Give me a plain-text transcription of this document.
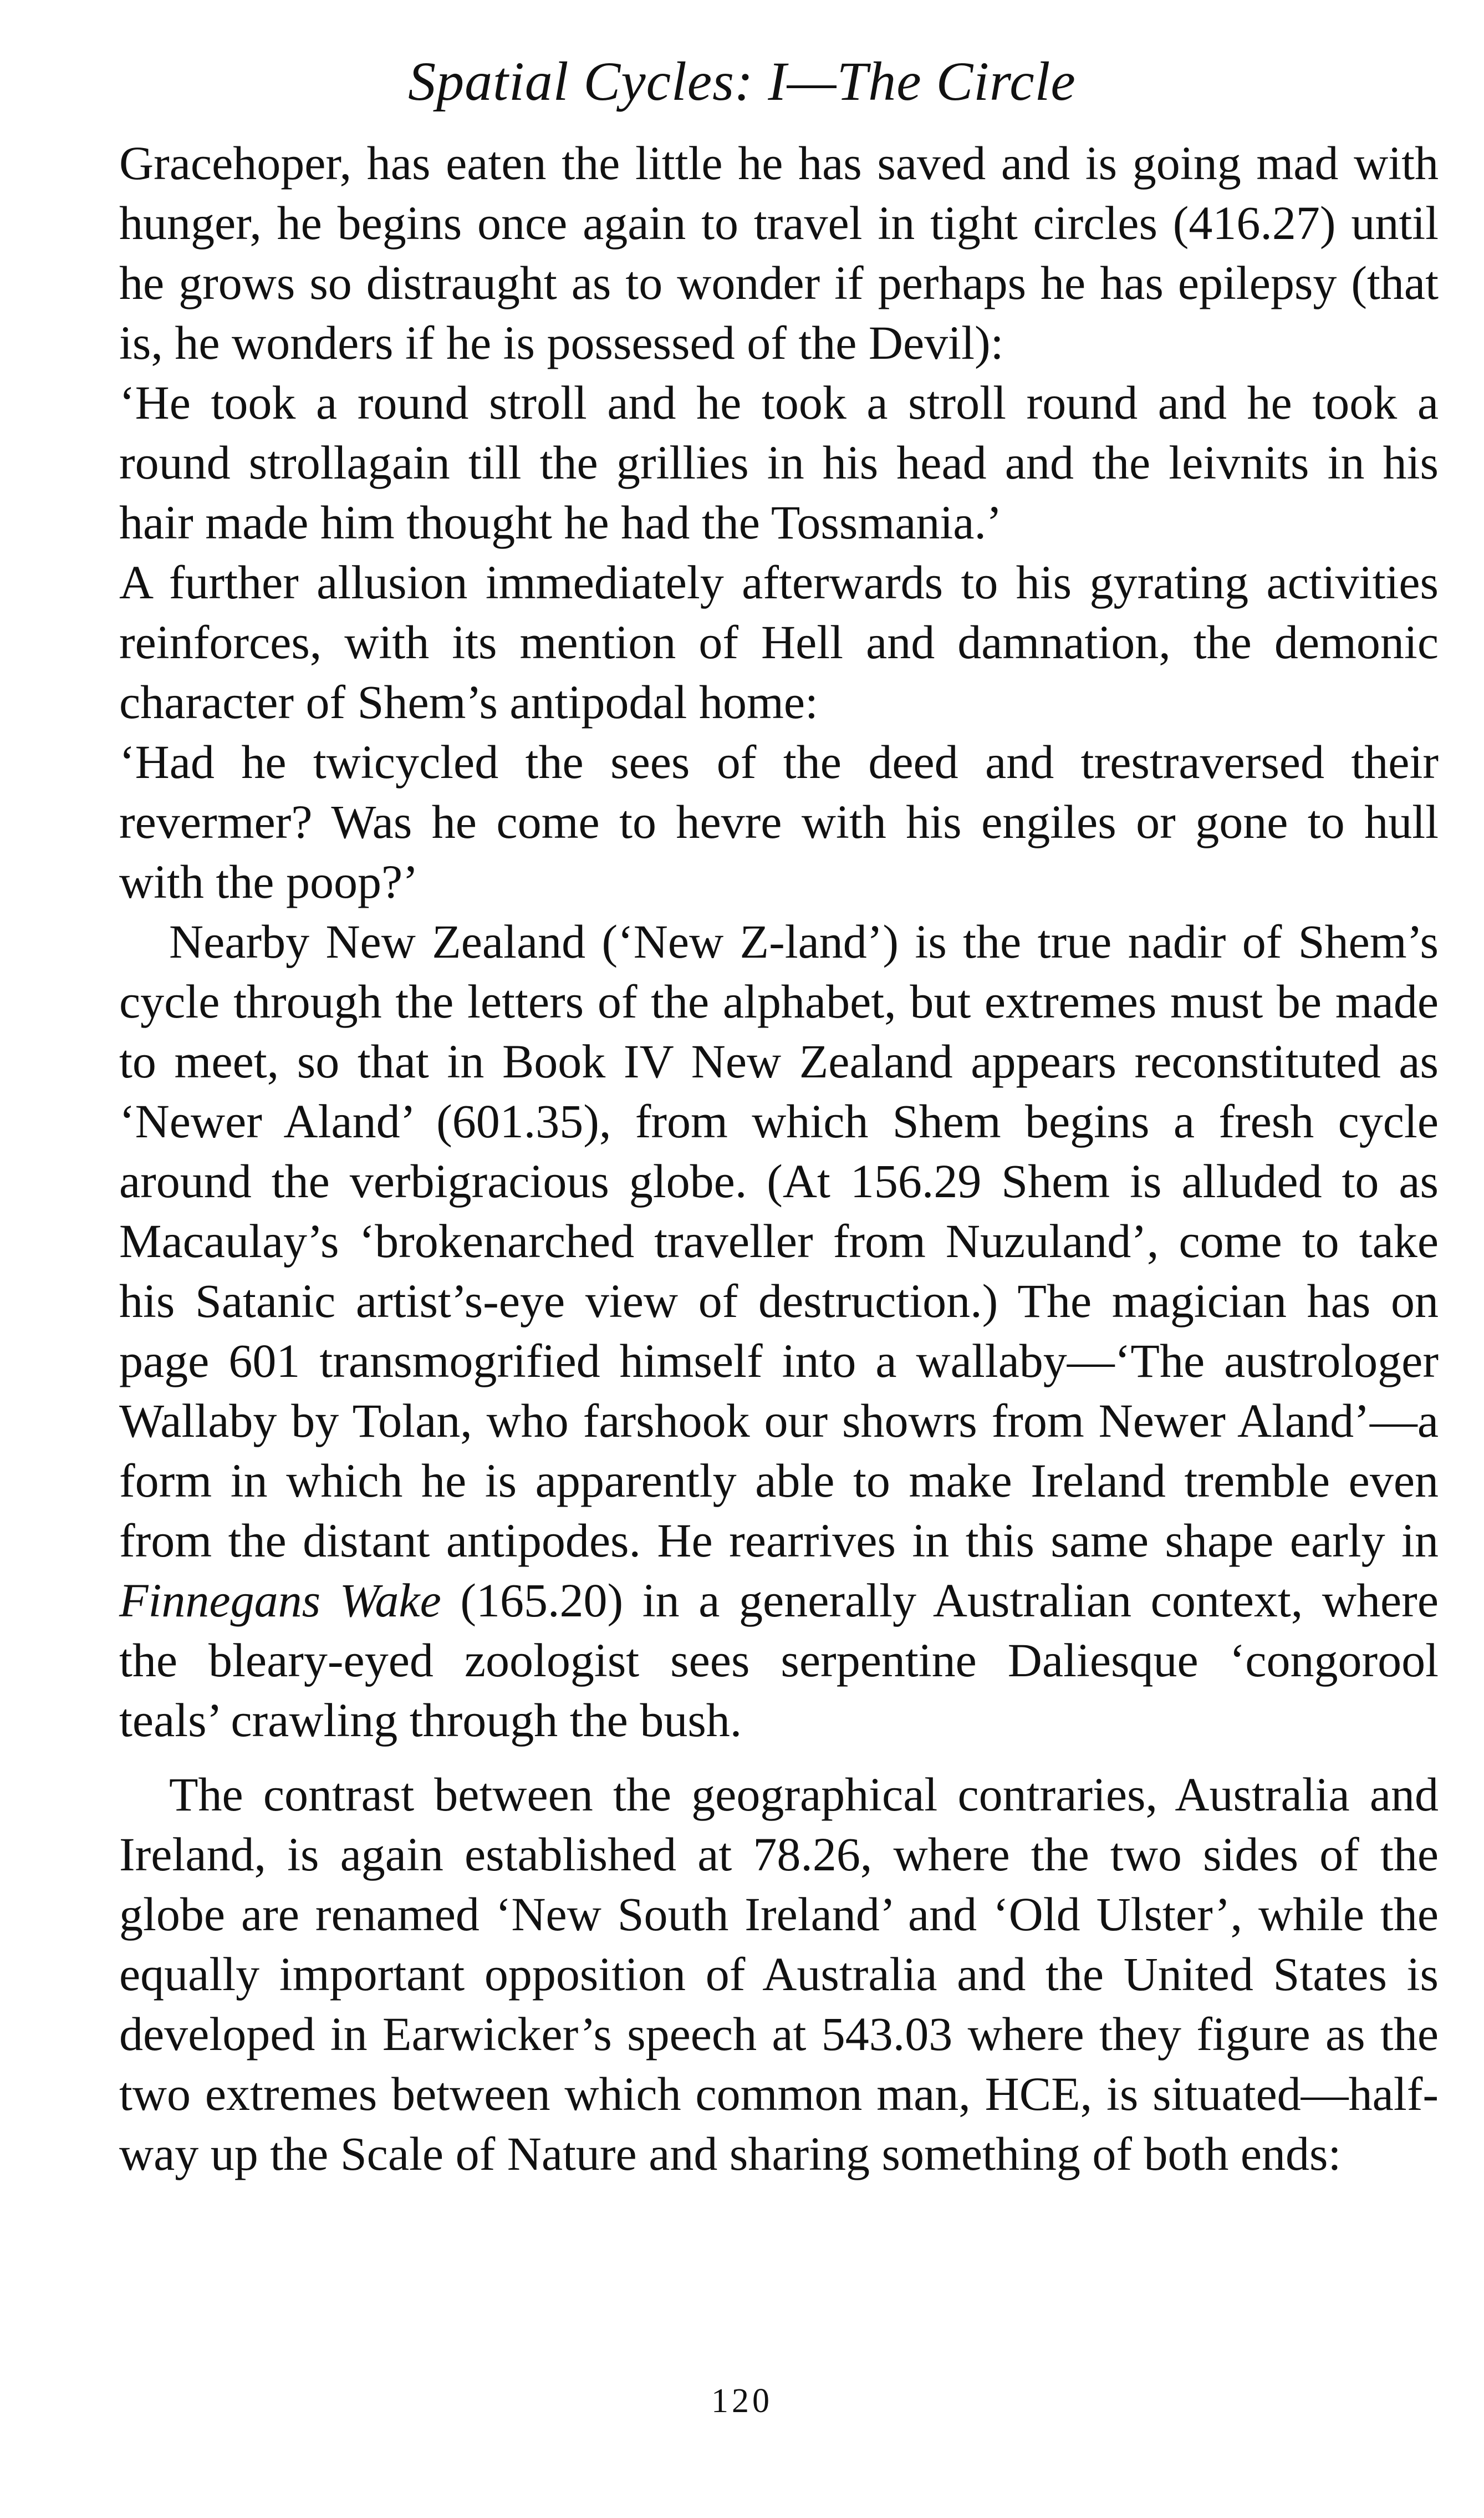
Spatial Cycles: I—The Circle

Gracehoper, has eaten the little he has saved and is going mad with hunger, he begins once again to travel in tight circles (416.27) until he grows so distraught as to wonder if perhaps he has epilepsy (that is, he wonders if he is possessed of the Devil):

‘He took a round stroll and he took a stroll round and he took a round strollagain till the grillies in his head and the leivnits in his hair made him thought he had the Tossmania.’

A further allusion immediately afterwards to his gyrating activities reinforces, with its mention of Hell and damnation, the demonic character of Shem’s antipodal home:

‘Had he twicycled the sees of the deed and trestraversed their revermer? Was he come to hevre with his engiles or gone to hull with the poop?’

Nearby New Zealand (‘New Z-land’) is the true nadir of Shem’s cycle through the letters of the alphabet, but extremes must be made to meet, so that in Book IV New Zealand appears reconstituted as ‘Newer Aland’ (601.35), from which Shem begins a fresh cycle around the verbigracious globe. (At 156.29 Shem is alluded to as Macaulay’s ‘brokenarched traveller from Nuzuland’, come to take his Satanic artist’s-eye view of destruction.) The magician has on page 601 transmogrified himself into a wallaby—‘The austrologer Wallaby by Tolan, who farshook our showrs from Newer Aland’—a form in which he is apparently able to make Ireland tremble even from the distant antipodes. He rearrives in this same shape early in Finnegans Wake (165.20) in a generally Australian context, where the bleary-eyed zoologist sees serpentine Daliesque ‘congorool teals’ crawling through the bush.

The contrast between the geographical contraries, Australia and Ireland, is again established at 78.26, where the two sides of the globe are renamed ‘New South Ireland’ and ‘Old Ulster’, while the equally important opposition of Australia and the United States is developed in Earwicker’s speech at 543.03 where they figure as the two extremes between which common man, HCE, is situated—half-way up the Scale of Nature and sharing something of both ends:

120
